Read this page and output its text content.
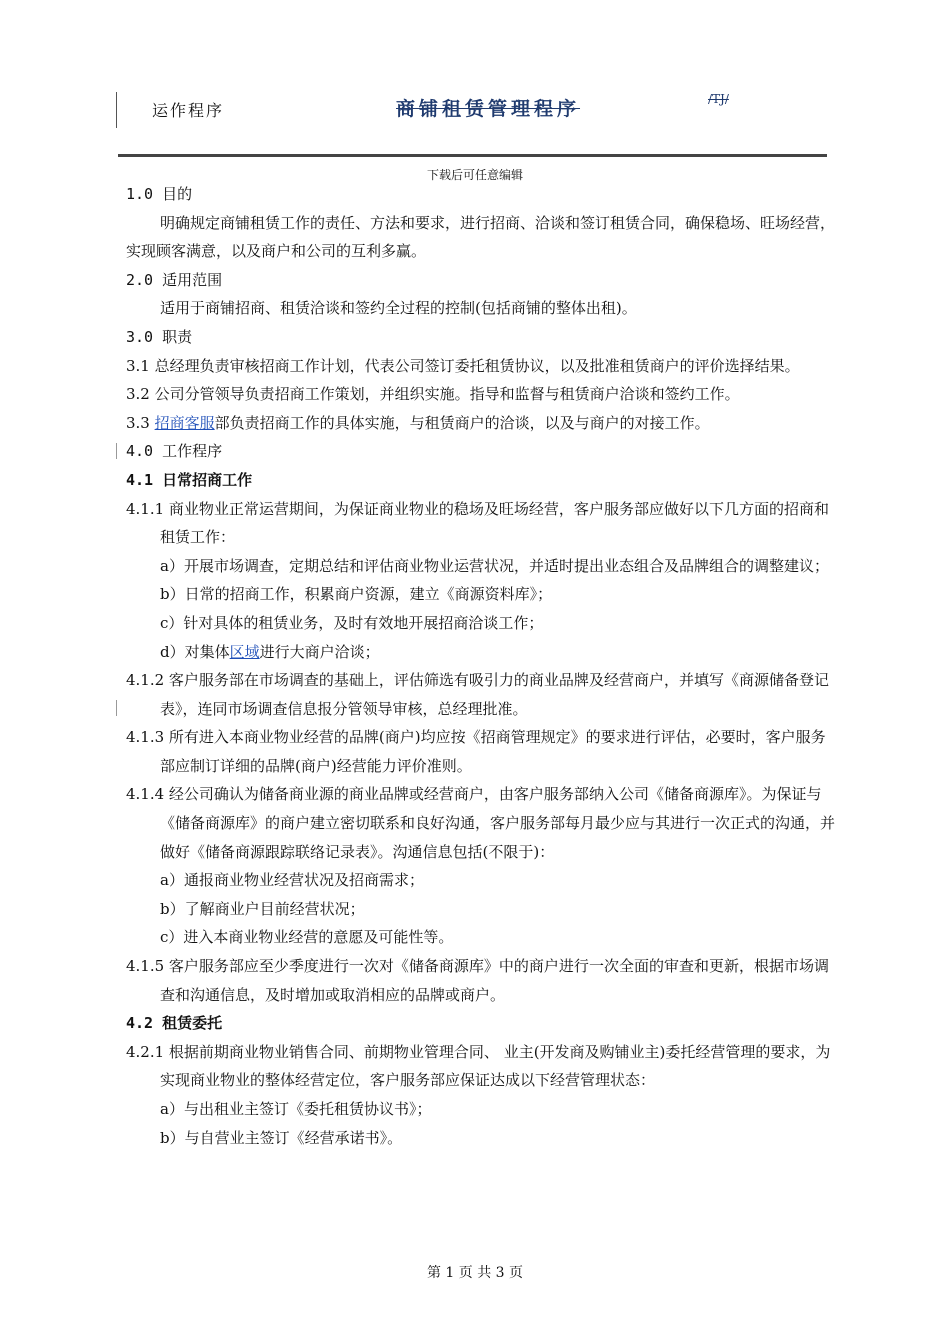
运作程序	商铺租赁管理程序	/TJ/
下载后可任意编辑

1.0 目的

明确规定商铺租赁工作的责任、方法和要求，进行招商、洽谈和签订租赁合同，确保稳场、旺场经营，实现顾客满意，以及商户和公司的互利多赢。

2.0 适用范围

适用于商铺招商、租赁洽谈和签约全过程的控制(包括商铺的整体出租)。

3.0 职责

3.1 总经理负责审核招商工作计划，代表公司签订委托租赁协议，以及批准租赁商户的评价选择结果。

3.2 公司分管领导负责招商工作策划，并组织实施。指导和监督与租赁商户洽谈和签约工作。

3.3 招商客服部负责招商工作的具体实施，与租赁商户的洽谈，以及与商户的对接工作。

4.0 工作程序

4.1 日常招商工作

4.1.1 商业物业正常运营期间，为保证商业物业的稳场及旺场经营，客户服务部应做好以下几方面的招商和租赁工作：

a）开展市场调查，定期总结和评估商业物业运营状况，并适时提出业态组合及品牌组合的调整建议；

b）日常的招商工作，积累商户资源，建立《商源资料库》；

c）针对具体的租赁业务，及时有效地开展招商洽谈工作；

d）对集体区域进行大商户洽谈；

4.1.2 客户服务部在市场调查的基础上，评估筛选有吸引力的商业品牌及经营商户，并填写《商源储备登记表》，连同市场调查信息报分管领导审核，总经理批准。

4.1.3 所有进入本商业物业经营的品牌(商户)均应按《招商管理规定》的要求进行评估，必要时，客户服务部应制订详细的品牌(商户)经营能力评价准则。

4.1.4 经公司确认为储备商业源的商业品牌或经营商户，由客户服务部纳入公司《储备商源库》。为保证与《储备商源库》的商户建立密切联系和良好沟通，客户服务部每月最少应与其进行一次正式的沟通，并做好《储备商源跟踪联络记录表》。沟通信息包括(不限于)：

a）通报商业物业经营状况及招商需求；

b）了解商业户目前经营状况；

c）进入本商业物业经营的意愿及可能性等。

4.1.5 客户服务部应至少季度进行一次对《储备商源库》中的商户进行一次全面的审查和更新，根据市场调查和沟通信息，及时增加或取消相应的品牌或商户。

4.2 租赁委托

4.2.1 根据前期商业物业销售合同、前期物业管理合同、 业主(开发商及购铺业主)委托经营管理的要求，为实现商业物业的整体经营定位，客户服务部应保证达成以下经营管理状态：

a）与出租业主签订《委托租赁协议书》；

b）与自营业主签订《经营承诺书》。

第 1 页 共 3 页
